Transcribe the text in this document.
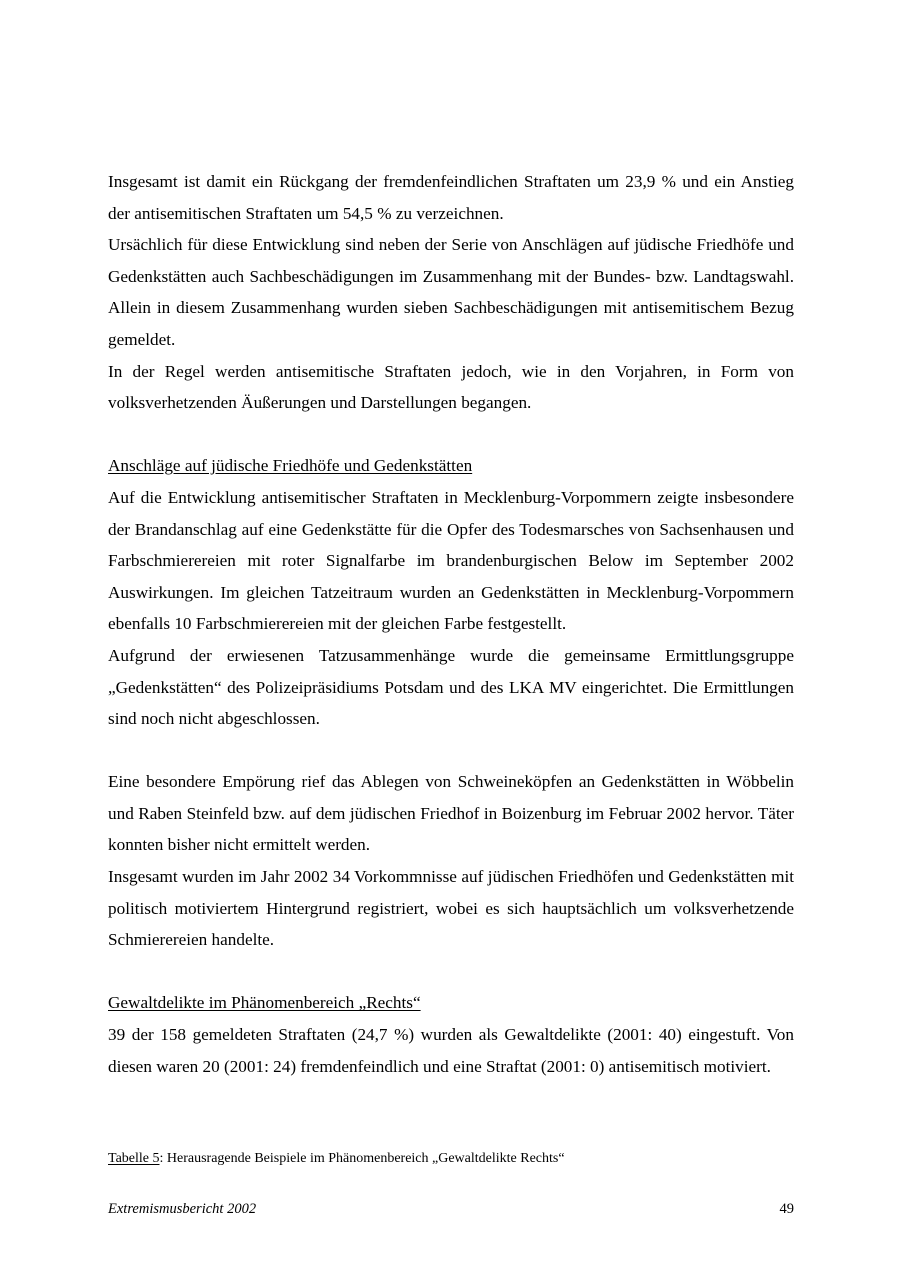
Insgesamt ist damit ein Rückgang der fremdenfeindlichen Straftaten um 23,9 % und ein Anstieg der antisemitischen Straftaten um 54,5 % zu verzeichnen.

Ursächlich für diese Entwicklung sind neben der Serie von Anschlägen auf jüdische Friedhöfe und Gedenkstätten auch Sachbeschädigungen im Zusammenhang mit der Bundes- bzw. Landtagswahl. Allein in diesem Zusammenhang wurden sieben Sachbeschädigungen mit antisemitischem Bezug gemeldet.

In der Regel werden antisemitische Straftaten jedoch, wie in den Vorjahren, in Form von volksverhetzenden Äußerungen und Darstellungen begangen.

Anschläge auf jüdische Friedhöfe und Gedenkstätten

Auf die Entwicklung antisemitischer Straftaten in Mecklenburg-Vorpommern zeigte insbesondere der Brandanschlag auf eine Gedenkstätte für die Opfer des Todesmarsches von Sachsenhausen und Farbschmierereien mit roter Signalfarbe im brandenburgischen Below im September 2002 Auswirkungen. Im gleichen Tatzeitraum wurden an Gedenkstätten in Mecklenburg-Vorpommern ebenfalls 10 Farbschmierereien mit der gleichen Farbe festgestellt.

Aufgrund der erwiesenen Tatzusammenhänge wurde die gemeinsame Ermittlungsgruppe „Gedenkstätten“ des Polizeipräsidiums Potsdam und des LKA MV eingerichtet. Die Ermittlungen sind noch nicht abgeschlossen.

Eine besondere Empörung rief das Ablegen von Schweineköpfen an Gedenkstätten in Wöbbelin und Raben Steinfeld bzw. auf dem jüdischen Friedhof in Boizenburg im Februar 2002 hervor. Täter konnten bisher nicht ermittelt werden.

Insgesamt wurden im Jahr 2002 34 Vorkommnisse auf jüdischen Friedhöfen und Gedenkstätten mit politisch motiviertem Hintergrund registriert, wobei es sich hauptsächlich um volksverhetzende Schmierereien handelte.

Gewaltdelikte im Phänomenbereich „Rechts“

39 der 158 gemeldeten Straftaten (24,7 %) wurden als Gewaltdelikte (2001: 40) eingestuft. Von diesen waren 20 (2001: 24) fremdenfeindlich und eine Straftat (2001: 0) antisemitisch motiviert.

Tabelle 5: Herausragende Beispiele im Phänomenbereich „Gewaltdelikte Rechts“
Extremismusbericht 2002	49
